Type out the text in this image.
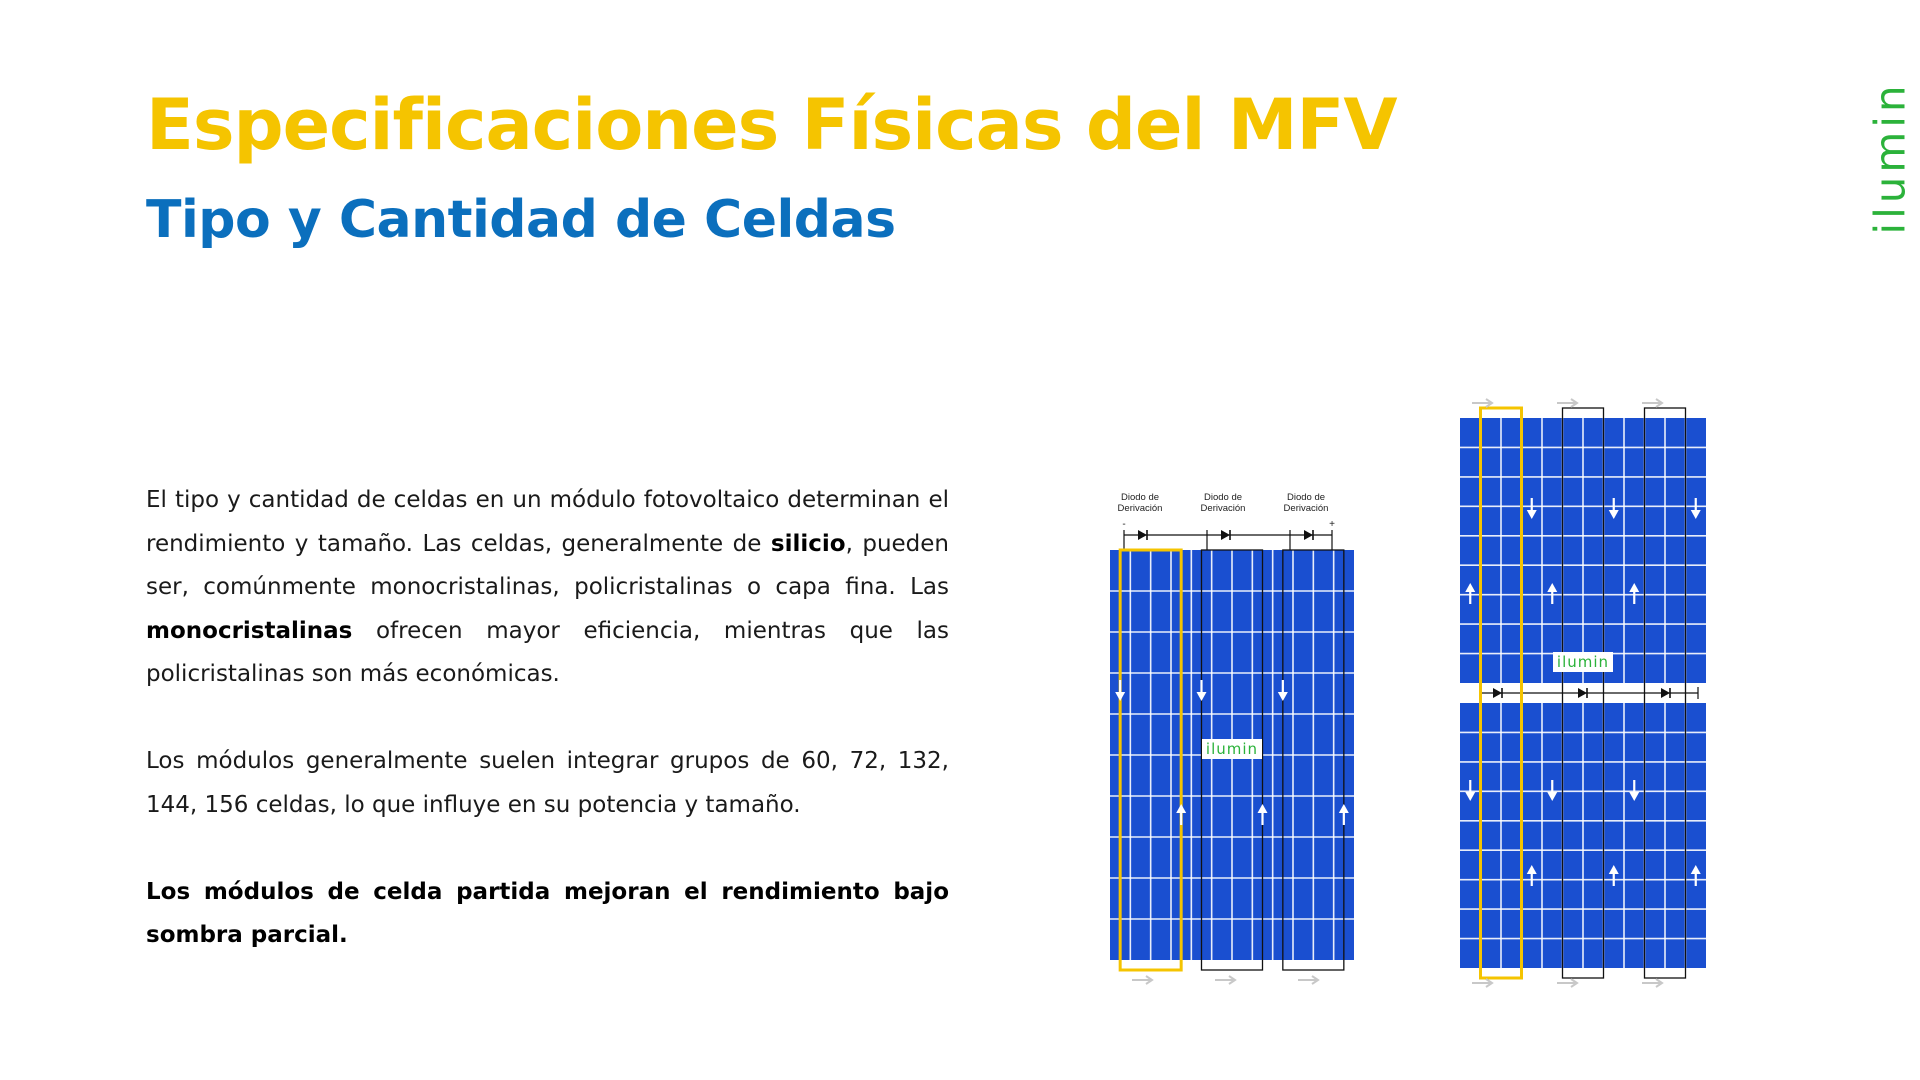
Especificaciones Físicas del MFV
Tipo y Cantidad de Celdas	ilumin

El tipo y cantidad de celdas en un módulo fotovoltaico determinan el rendimiento y tamaño. Las celdas, generalmente de silicio, pueden ser, comúnmente monocristalinas, policristalinas o capa fina. Las monocristalinas ofrecen mayor eficiencia, mientras que las policristalinas son más económicas.

Los módulos generalmente suelen integrar grupos de 60, 72, 132, 144, 156 celdas, lo que influye en su potencia y tamaño.

Los módulos de celda partida mejoran el rendimiento bajo sombra parcial.

Diodo de
Derivación
Diodo de
Derivación
Diodo de
Derivación
-	+
ilumin
ilumin
